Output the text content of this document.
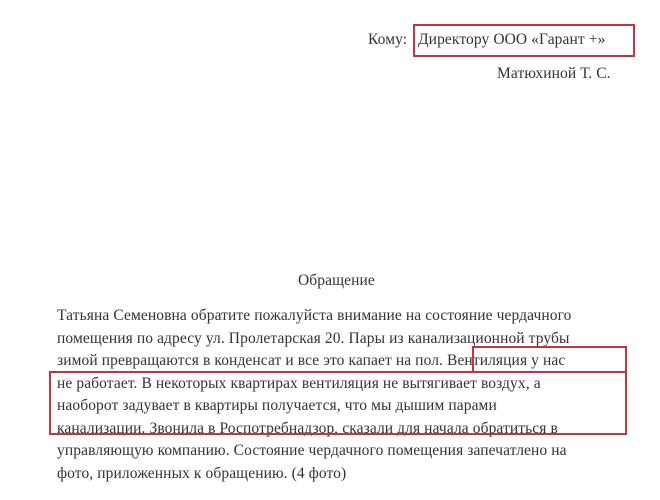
Кому: Директору ООО «Гарант +»
Матюхиной Т. С.
Обращение
Татьяна Семеновна обратите пожалуйста внимание на состояние чердачного
помещения по адресу ул. Пролетарская 20. Пары из канализационной трубы
зимой превращаются в конденсат и все это капает на пол. Вентиляция у нас
не работает. В некоторых квартирах вентиляция не вытягивает воздух, а
наоборот задувает в квартиры получается, что мы дышим парами
канализации. Звонила в Роспотребнадзор, сказали для начала обратиться в
управляющую компанию. Состояние чердачного помещения запечатлено на
фото, приложенных к обращению. (4 фото)
